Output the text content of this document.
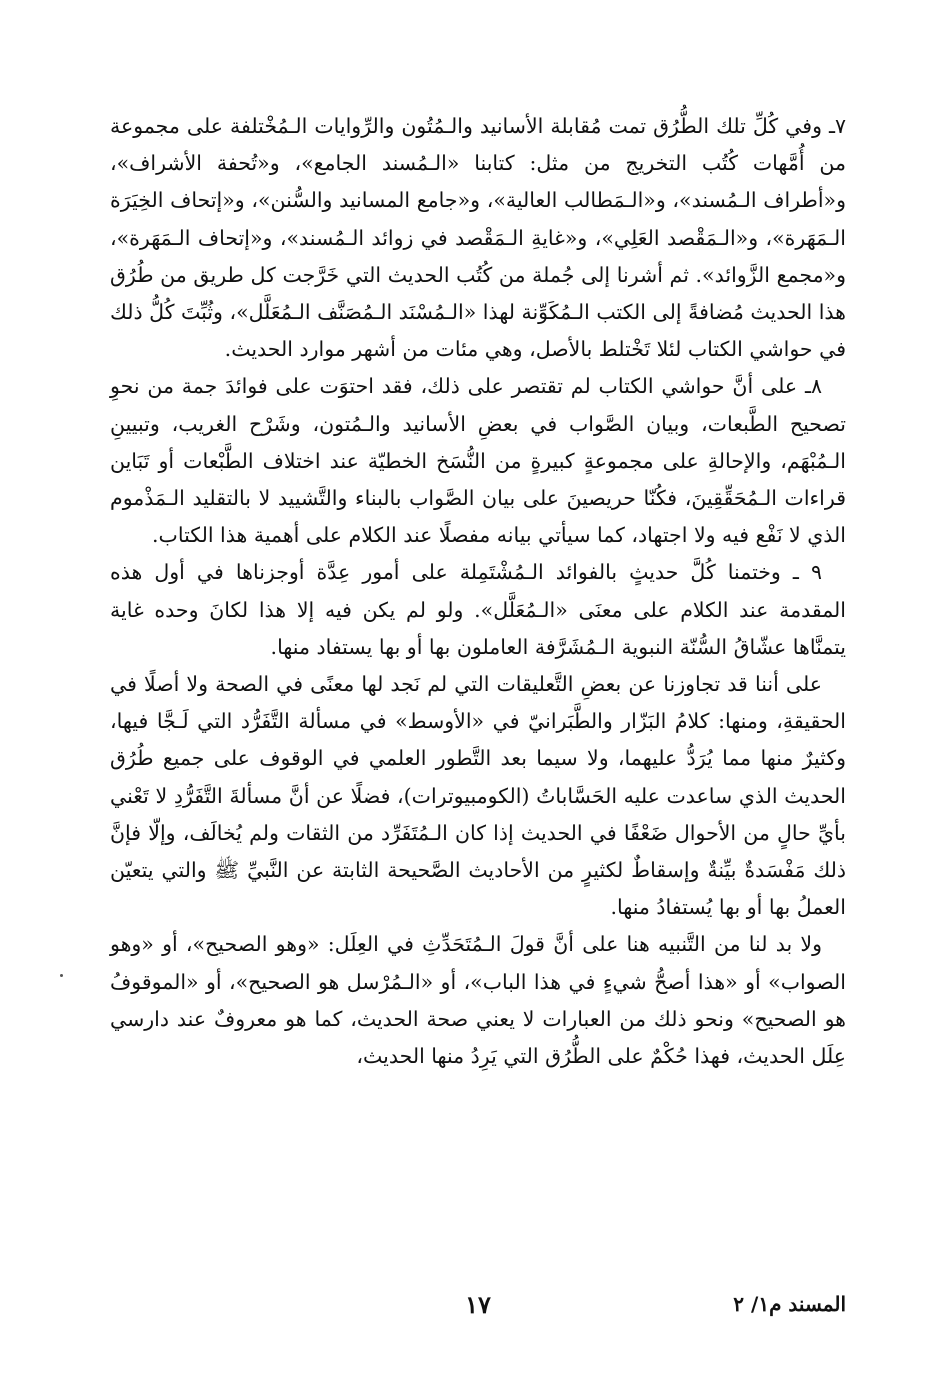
٧ـ وفي كُلِّ تلك الطُّرُق تمت مُقابلة الأسانيد والـمُتُون والرِّوايات الـمُخْتلفة على مجموعة من أُمَّهات كُتُب التخريج من مثل: كتابنا «الـمُسند الجامع»، و«تُحفة الأشراف»، و«أطراف الـمُسند»، و«الـمَطالب العالية»، و«جامع المسانيد والسُّنن»، و«إتحاف الخِيَرَة الـمَهَرة»، و«الـمَقْصد العَلِي»، و«غايةِ الـمَقْصد في زوائد الـمُسند»، و«إتحاف الـمَهَرة»، و«مجمع الزَّوائد». ثم أشرنا إلى جُملة من كُتُب الحديث التي خَرَّجت كل طريق من طُرُق هذا الحديث مُضافةً إلى الكتب الـمُكَوِّنة لهذا «الـمُسْنَد الـمُصَنَّف الـمُعَلَّل»، وثُبِّتَ كُلُّ ذلك في حواشي الكتاب لئلا تَخْتلط بالأصل، وهي مئات من أشهر موارد الحديث.

٨ـ على أنَّ حواشي الكتاب لم تقتصر على ذلك، فقد احتوَت على فوائدَ جمة من نحوِ تصحيح الطَّبعات، وبيان الصَّواب في بعضِ الأسانيد والـمُتون، وشَرْح الغريب، وتبيينِ الـمُبْهَم، والإحالةِ على مجموعةٍ كبيرةٍ من النُّسَخ الخطيّة عند اختلاف الطَّبْعات أو تَبَاين قراءات الـمُحَقِّقِينَ، فكُنّا حريصينَ على بيان الصَّواب بالبناء والتَّشييد لا بالتقليد الـمَذْموم الذي لا نَفْع فيه ولا اجتهاد، كما سيأتي بيانه مفصلًا عند الكلام على أهمية هذا الكتاب.

٩ ـ وختمنا كُلَّ حديثٍ بالفوائد الـمُشْتَمِلة على أمور عِدَّة أوجزناها في أول هذه المقدمة عند الكلام على معنَى «الـمُعَلَّل». ولو لم يكن فيه إلا هذا لكانَ وحده غاية يتمنَّاها عشّاقُ السُّنّة النبوية الـمُشَرَّفة العاملون بها أو بها يستفاد منها.

على أننا قد تجاوزنا عن بعضِ التَّعليقات التي لم نَجد لها معنًى في الصحة ولا أصلًا في الحقيقةِ، ومنها: كلامُ البَزّار والطَّبَرانيّ في «الأوسط» في مسألة التَّفَرُّد التي لَـجَّا فيها، وكثيرٌ منها مما يُرَدُّ عليهما، ولا سيما بعد التَّطور العلمي في الوقوف على جميع طُرُق الحديث الذي ساعدت عليه الحَسَّاباتُ (الكومبيوترات)، فضلًا عن أنَّ مسألةَ التَّفَرُّدِ لا تَعْني بأيِّ حالٍ من الأحوال ضَعْفًا في الحديث إذا كان الـمُتَفَرِّد من الثقات ولم يُخالَف، وإلّا فإنَّ ذلك مَفْسَدةٌ بيِّنةٌ وإسقاطٌ لكثيرٍ من الأحاديث الصَّحيحة الثابتة عن النَّبيِّ ﷺ والتي يتعيّن العملُ بها أو بها يُستفادُ منها.

ولا بد لنا من التَّنبيه هنا على أنَّ قولَ الـمُتَحَدِّثِ في العِلَل: «وهو الصحيح»، أو «وهو الصواب» أو «هذا أصحُّ شيءٍ في هذا الباب»، أو «الـمُرْسل هو الصحيح»، أو «الموقوفُ هو الصحيح» ونحو ذلك من العبارات لا يعني صحة الحديث، كما هو معروفٌ عند دارسي عِلَل الحديث، فهذا حُكْمٌ على الطُّرُق التي يَرِدُ منها الحديث،

المسند م١/ ٢
١٧
